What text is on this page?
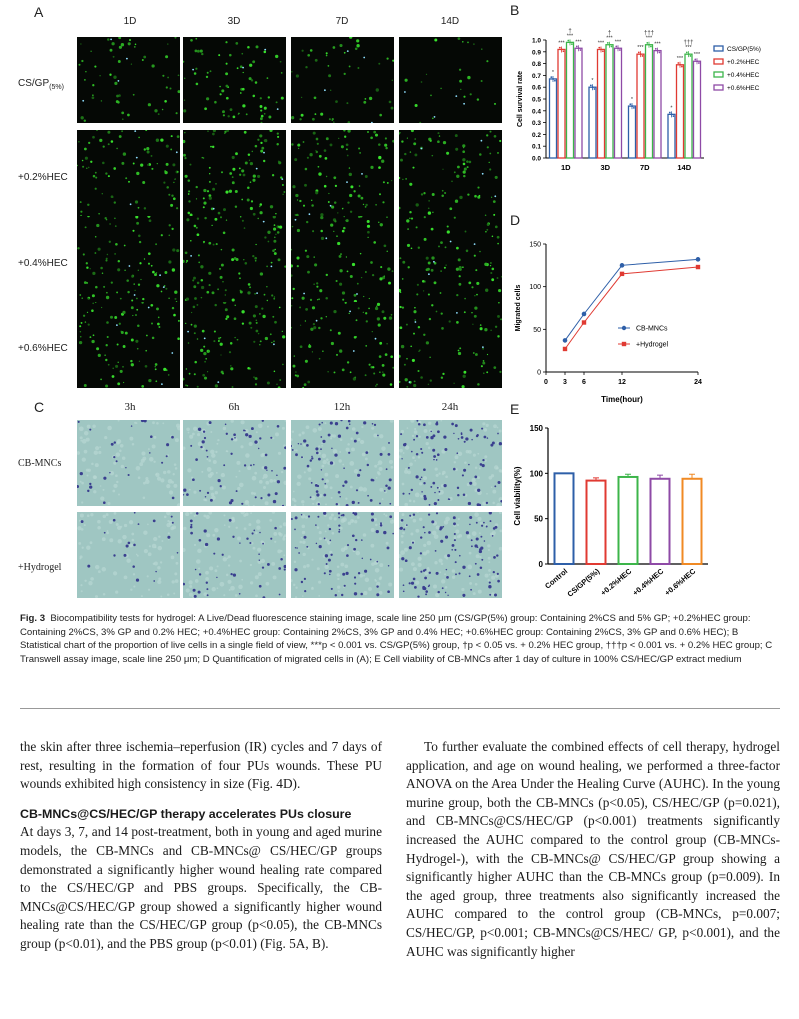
A
1D	3D	7D	14D
$CS/GP_{(5\%)}$
+0.2%HEC
+0.4%HEC
+0.6%HEC
C	3h	6h	12h	24h
CB-MNCs
+Hydrogel
B
0.0
0.1
0.2
0.3
0.4
0.5
0.6
0.7
0.8
0.9
1.0
Cell survival rate	*
***
***
†
***
1D
*
***
***
†
***
3D
*
***
***
†††
***
7D
*
***
***
†††
***
14D
CS/GP(5%)
+0.2%HEC
+0.4%HEC
+0.6%HEC
D
0
50
100
150
0 3 6	12	24
Time(hour)
Migrated cells	CB-MNCs
+Hydrogel
E
0
50
100
150
Cell viability(%)
Control
CS/GP(5%)
+0.2%HEC
+0.4%HEC
+0.6%HEC
Fig. 3 Biocompatibility tests for hydrogel: A Live/Dead fluorescence staining image, scale line 250 μm (CS/GP(5%) group: Containing 2%CS and 5% GP; +0.2%HEC group: Containing 2%CS, 3% GP and 0.2% HEC; +0.4%HEC group: Containing 2%CS, 3% GP and 0.4% HEC; +0.6%HEC group: Containing 2%CS, 3% GP and 0.6% HEC); B Statistical chart of the proportion of live cells in a single field of view, ***p < 0.001 vs. CS/GP(5%) group, †p < 0.05 vs. + 0.2% HEC group, †††p < 0.001 vs. + 0.2% HEC group; C Transwell assay image, scale line 250 μm; D Quantification of migrated cells in (A); E Cell viability of CB-MNCs after 1 day of culture in 100% CS/HEC/GP extract medium

the skin after three ischemia–reperfusion (IR) cycles and 7 days of rest, resulting in the formation of four PUs wounds. These PU wounds exhibited high consistency in size (Fig. 4D).

CB-MNCs@CS/HEC/GP therapy accelerates PUs closure

At days 3, 7, and 14 post-treatment, both in young and aged murine models, the CB-MNCs and CB-MNCs@ CS/HEC/GP groups demonstrated a significantly higher wound healing rate compared to the CS/HEC/GP and PBS groups. Specifically, the CB-MNCs@CS/HEC/GP group showed a significantly higher wound healing rate than the CS/HEC/GP group (p<0.05), the CB-MNCs group (p<0.01), and the PBS group (p<0.01) (Fig. 5A, B).

To further evaluate the combined effects of cell therapy, hydrogel application, and age on wound healing, we performed a three-factor ANOVA on the Area Under the Healing Curve (AUHC). In the young murine group, both the CB-MNCs (p<0.05), CS/HEC/GP (p=0.021), and CB-MNCs@CS/HEC/GP (p<0.001) treatments significantly increased the AUHC compared to the control group (CB-MNCs- Hydrogel-), with the CB-MNCs@ CS/HEC/GP group showing a significantly higher AUHC than the CB-MNCs group (p=0.009). In the aged group, three treatments also significantly increased the AUHC compared to the control group (CB-MNCs, p=0.007; CS/HEC/GP, p<0.001; CB-MNCs@CS/HEC/ GP, p<0.001), and the AUHC was significantly higher
